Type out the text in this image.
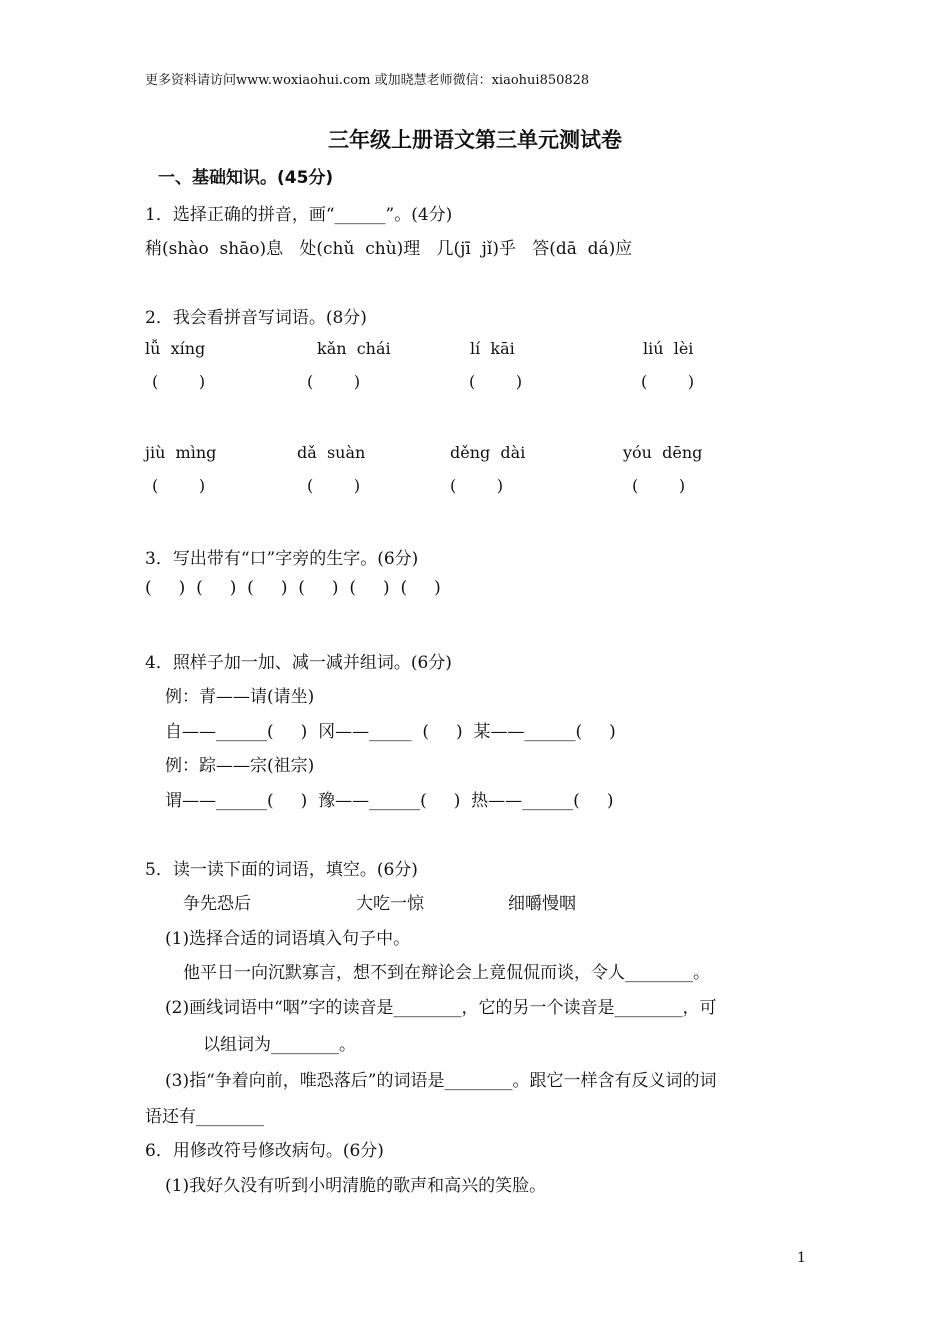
更多资料请访问www.woxiaohui.com 或加晓慧老师微信：xiaohui850828
三年级上册语文第三单元测试卷
一、基础知识。(45分)
1．选择正确的拼音，画“______”。(4分)
稍(shào  shāo)息   处(chǔ  chù)理   几(jī  jǐ)乎   答(dā  dá)应
2．我会看拼音写词语。(8分)
lǚ  xíng	kǎn  chái	lí  kāi	liú  lèi
(        )	(        )	(        )	(        )
jiù  mìng	dǎ  suàn	děng  dài	yóu  dēng
(        )	(        )	(        )	(        )
3．写出带有“口”字旁的生字。(6分)
(     )  (     )  (     )  (     )  (     )  (     )
4．照样子加一加、减一减并组词。(6分)
例：青——请(请坐)
自——______(     )  冈——_____  (     )  某——______(     )
例：踪——宗(祖宗)
谓——______(     )  豫——______(     )  热——______(     )
5．读一读下面的词语，填空。(6分)
争先恐后	大吃一惊	细嚼慢咽
(1)选择合适的词语填入句子中。
他平日一向沉默寡言，想不到在辩论会上竟侃侃而谈，令人________。
(2)画线词语中“咽”字的读音是________，它的另一个读音是________，可
以组词为________。
(3)指“争着向前，唯恐落后”的词语是________。跟它一样含有反义词的词
语还有________
6．用修改符号修改病句。(6分)
(1)我好久没有听到小明清脆的歌声和高兴的笑脸。
1
